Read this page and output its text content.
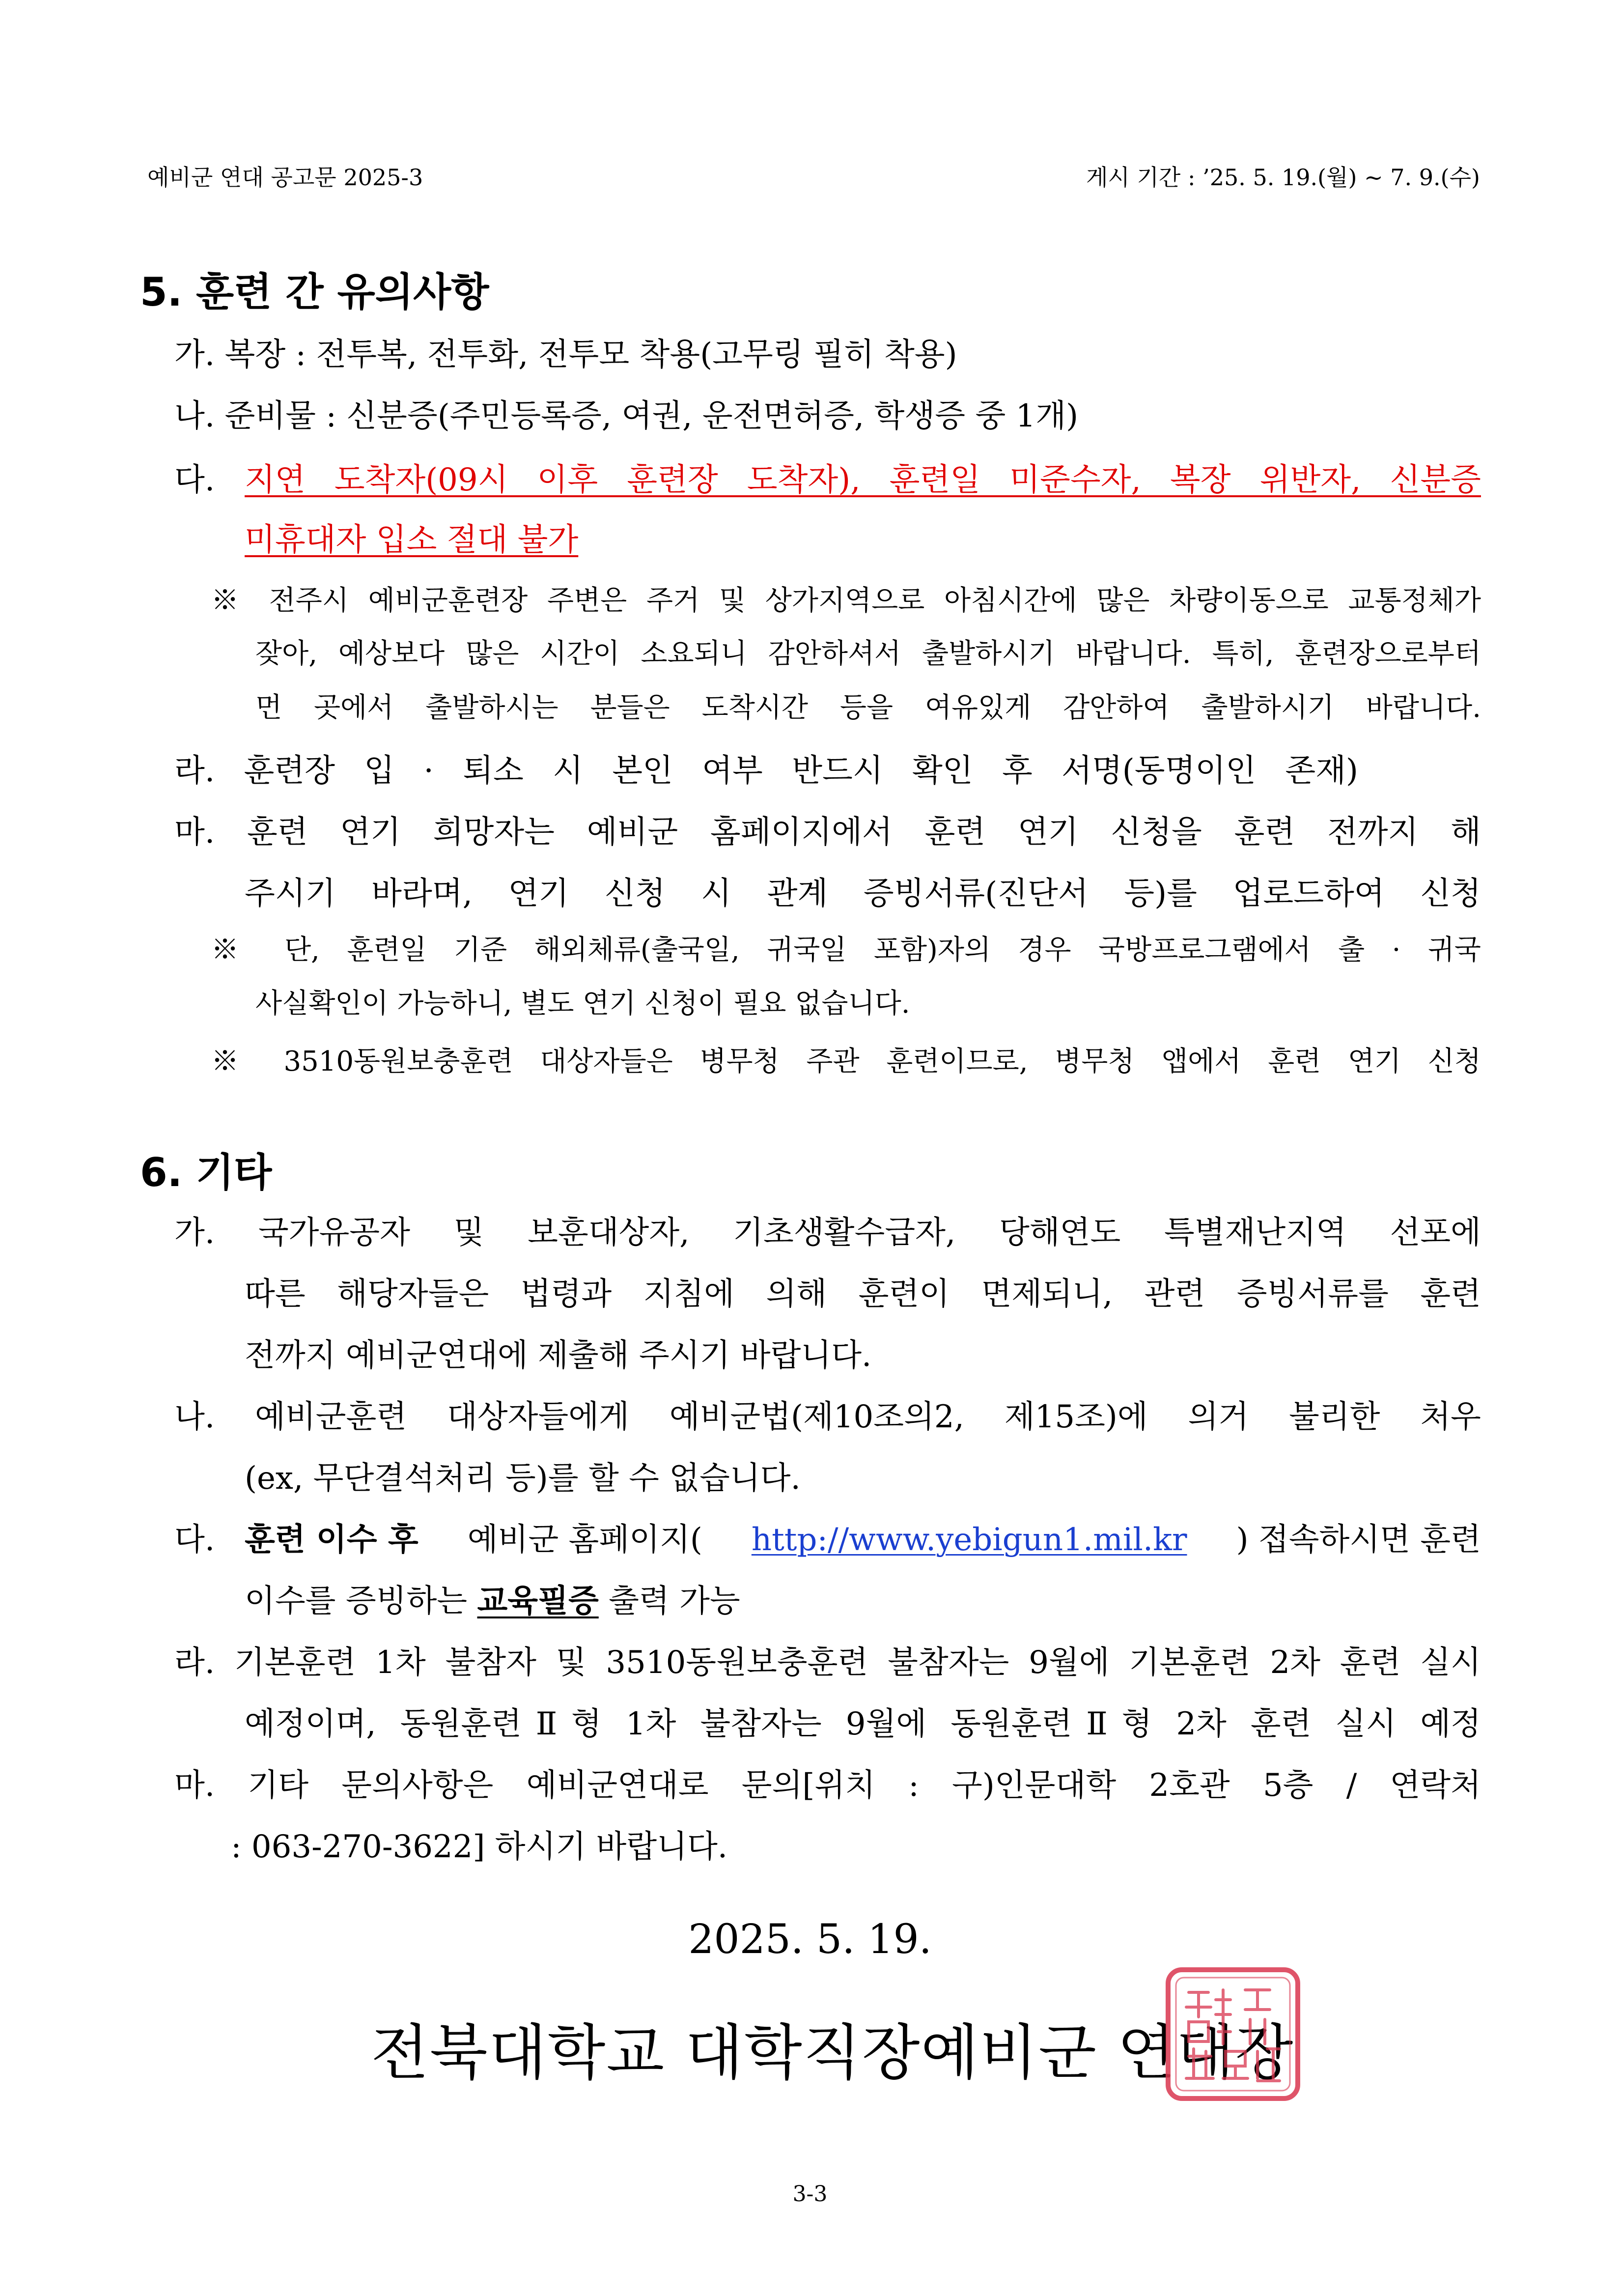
예비군 연대 공고문 2025-3	게시 기간 : ’25. 5. 19.(월) ~ 7. 9.(수)
5. 훈련 간 유의사항
가. 복장 : 전투복, 전투화, 전투모 착용(고무링 필히 착용)
나. 준비물 : 신분증(주민등록증, 여권, 운전면허증, 학생증 중 1개)
다. 지연 도착자(09시 이후 훈련장 도착자), 훈련일 미준수자, 복장 위반자, 신분증
미휴대자 입소 절대 불가
※ 전주시 예비군훈련장 주변은 주거 및 상가지역으로 아침시간에 많은 차량이동으로 교통정체가
잦아, 예상보다 많은 시간이 소요되니 감안하셔서 출발하시기 바랍니다. 특히, 훈련장으로부터
먼 곳에서 출발하시는 분들은 도착시간 등을 여유있게 감안하여 출발하시기 바랍니다.
라. 훈련장 입 · 퇴소 시 본인 여부 반드시 확인 후 서명(동명이인 존재)
마. 훈련 연기 희망자는 예비군 홈페이지에서 훈련 연기 신청을 훈련 전까지 해
주시기 바라며, 연기 신청 시 관계 증빙서류(진단서 등)를 업로드하여 신청
※ 단, 훈련일 기준 해외체류(출국일, 귀국일 포함)자의 경우 국방프로그램에서 출 · 귀국
사실확인이 가능하니, 별도 연기 신청이 필요 없습니다.
※ 3510동원보충훈련 대상자들은 병무청 주관 훈련이므로, 병무청 앱에서 훈련 연기 신청
6. 기타
가. 국가유공자 및 보훈대상자, 기초생활수급자, 당해연도 특별재난지역 선포에
따른 해당자들은 법령과 지침에 의해 훈련이 면제되니, 관련 증빙서류를 훈련
전까지 예비군연대에 제출해 주시기 바랍니다.
나. 예비군훈련 대상자들에게 예비군법(제10조의2, 제15조)에 의거 불리한 처우
(ex, 무단결석처리 등)를 할 수 없습니다.
다. 훈련 이수 후 예비군 홈페이지( http://www.yebigun1.mil.kr ) 접속하시면 훈련
이수를 증빙하는 교육필증 출력 가능
라. 기본훈련 1차 불참자 및 3510동원보충훈련 불참자는 9월에 기본훈련 2차 훈련 실시
예정이며, 동원훈련Ⅱ형 1차 불참자는 9월에 동원훈련Ⅱ형 2차 훈련 실시 예정
마. 기타 문의사항은 예비군연대로 문의[위치 : 구)인문대학 2호관 5층 / 연락처
: 063-270-3622] 하시기 바랍니다.
2025. 5. 19.
전북대학교 대학직장예비군 연대장
3-3
